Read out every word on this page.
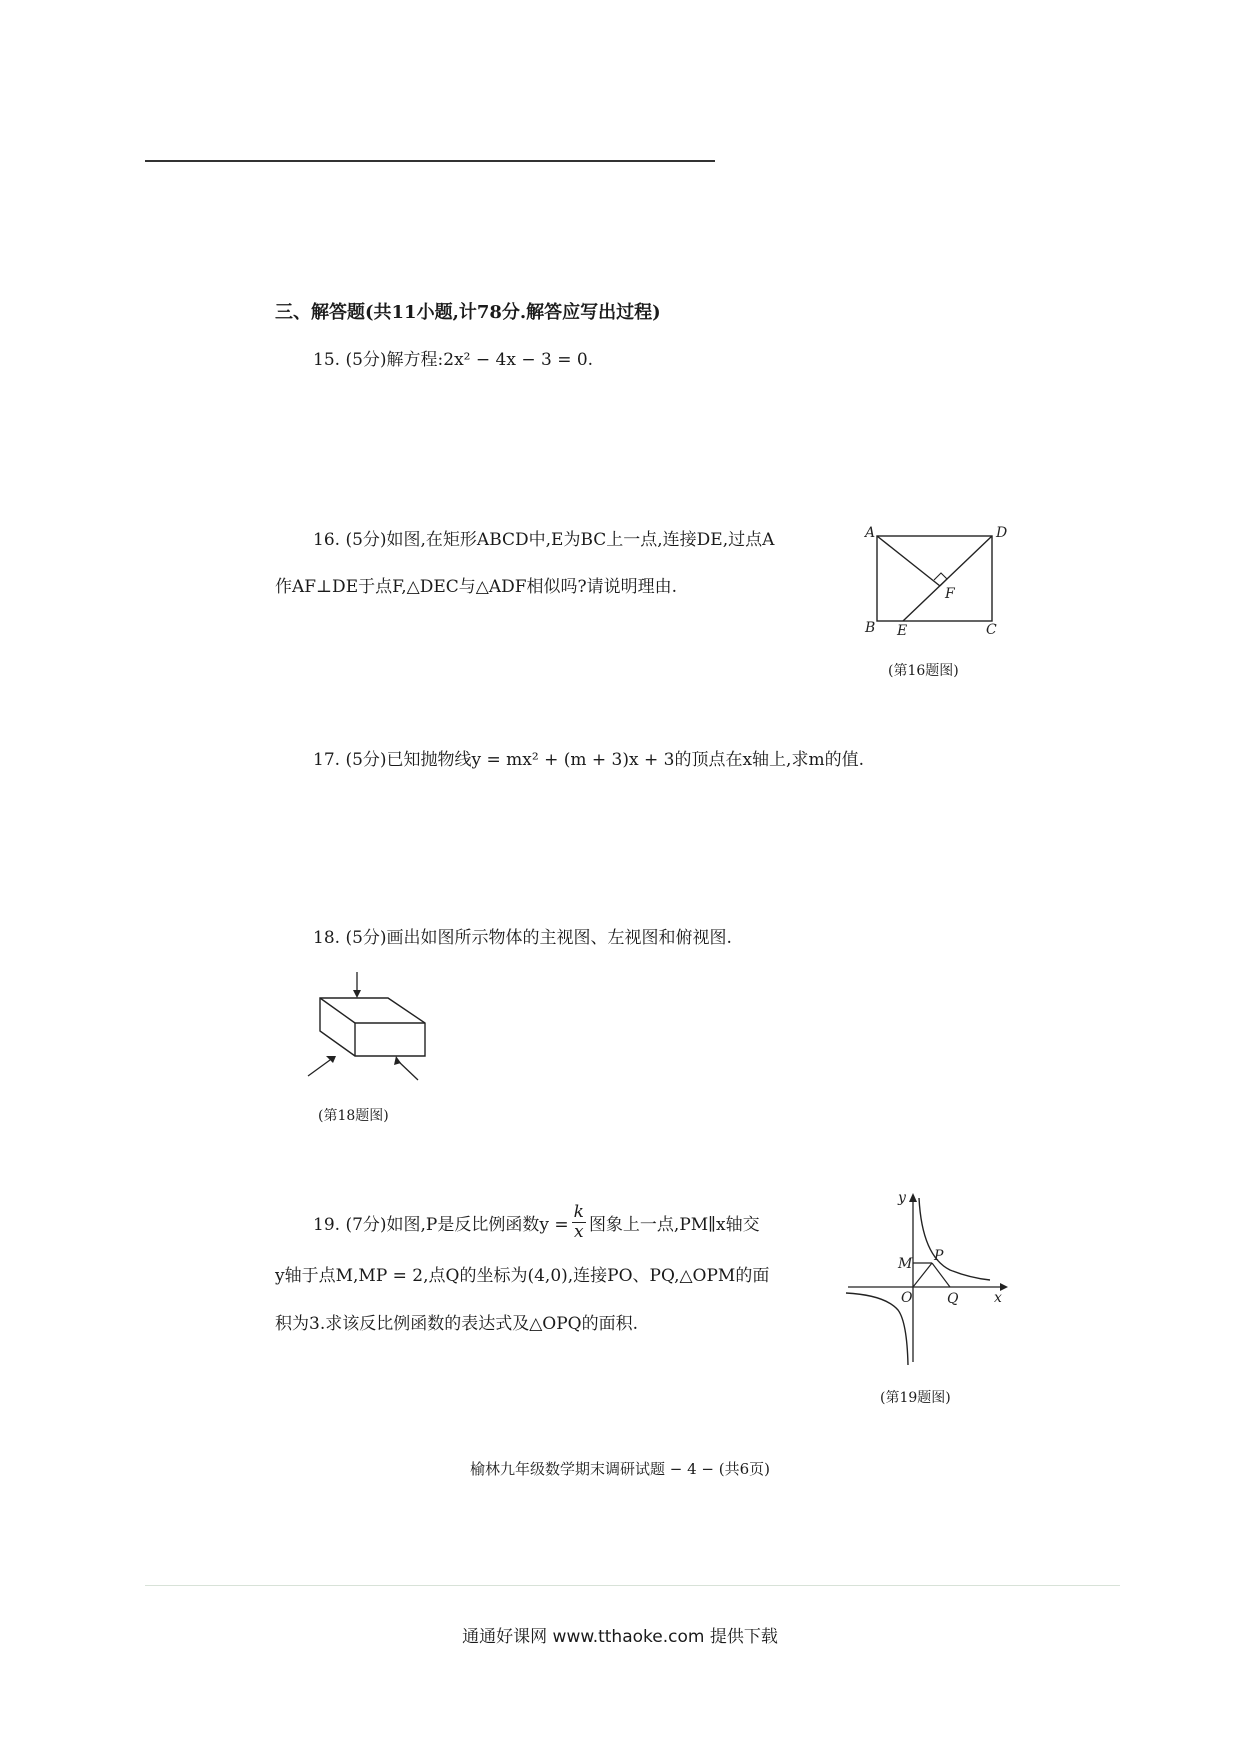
三、解答题(共11小题,计78分.解答应写出过程)
15. (5分)解方程:2x² − 4x − 3 = 0.
16. (5分)如图,在矩形ABCD中,E为BC上一点,连接DE,过点A
作AF⊥DE于点F,△DEC与△ADF相似吗?请说明理由.
A	D
B E	C
F
(第16题图)
17. (5分)已知抛物线y = mx² + (m + 3)x + 3的顶点在x轴上,求m的值.
18. (5分)画出如图所示物体的主视图、左视图和俯视图.
(第18题图)
19. (7分)如图,P是反比例函数$y = \frac{k}{x}$ 图象上一点,PM∥x轴交
y轴于点M,MP = 2,点Q的坐标为(4,0),连接PO、PQ,△OPM的面
积为3.求该反比例函数的表达式及△OPQ的面积.
y
x
M P
O Q
(第19题图)
榆林九年级数学期末调研试题 − 4 − (共6页)
通通好课网 www.tthaoke.com 提供下载
